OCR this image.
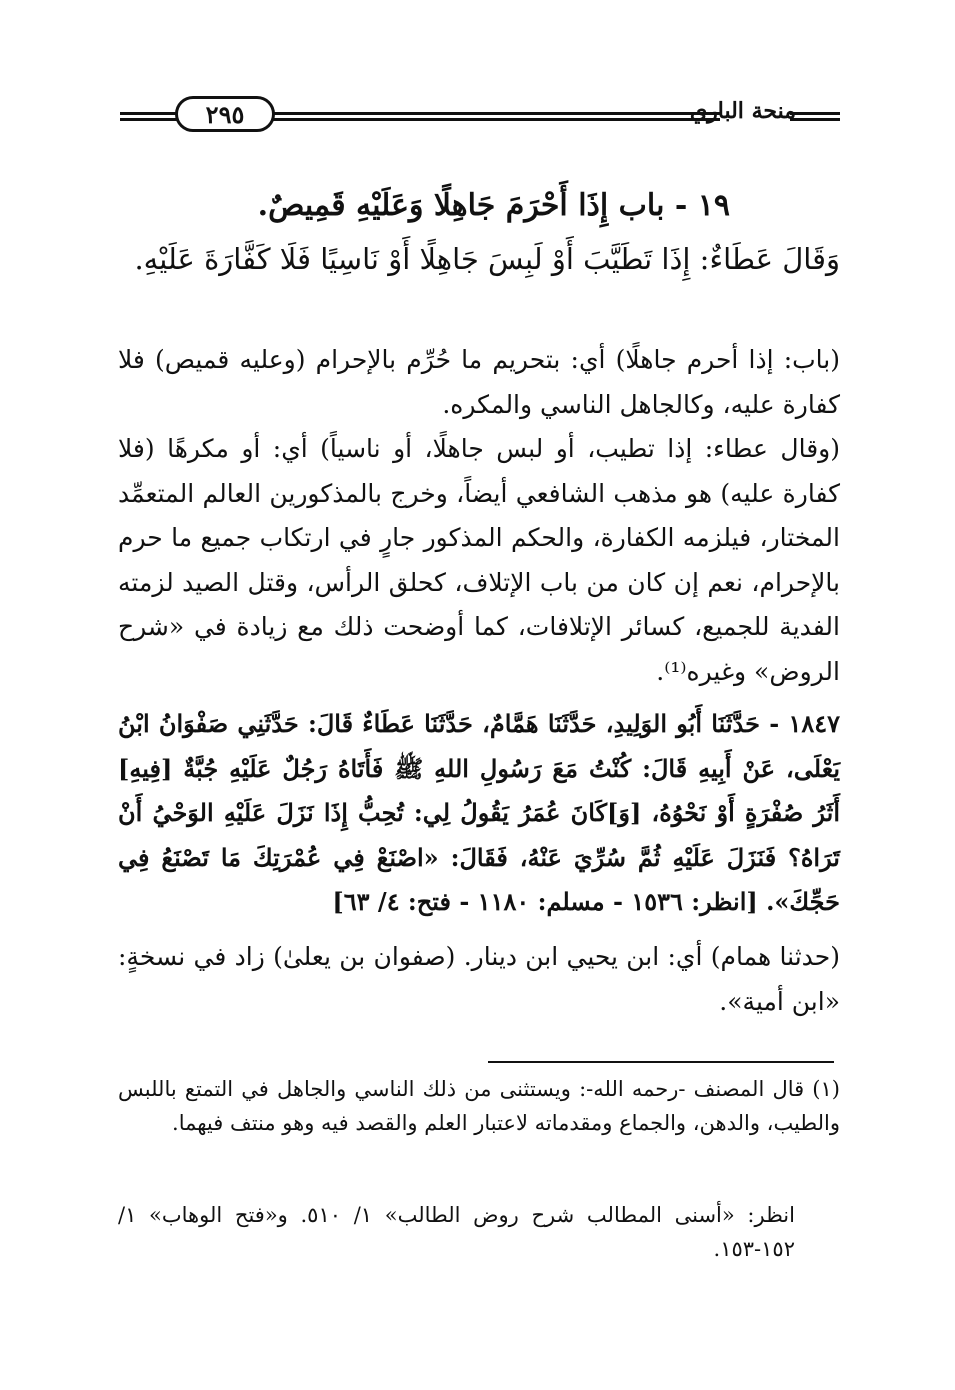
٢٩٥	منحة الباري
١٩ - باب إِذَا أَحْرَمَ جَاهِلًا وَعَلَيْهِ قَمِيصٌ.
وَقَالَ عَطَاءٌ: إِذَا تَطَيَّبَ أَوْ لَبِسَ جَاهِلًا أَوْ نَاسِيًا فَلَا كَفَّارَةَ عَلَيْهِ.
(باب: إذا أحرم جاهلًا) أي: بتحريم ما حُرِّم بالإحرام (وعليه قميص) فلا كفارة عليه، وكالجاهل الناسي والمكره.
(وقال عطاء: إذا تطيب، أو لبس جاهلًا، أو ناسياً) أي: أو مكرهًا (فلا كفارة عليه) هو مذهب الشافعي أيضاً، وخرج بالمذكورين العالم المتعمِّد المختار، فيلزمه الكفارة، والحكم المذكور جارٍ في ارتكاب جميع ما حرم بالإحرام، نعم إن كان من باب الإتلاف، كحلق الرأس، وقتل الصيد لزمته الفدية للجميع، كسائر الإتلافات، كما أوضحت ذلك مع زيادة في «شرح الروض» وغيره⁽¹⁾.
١٨٤٧ - حَدَّثَنَا أَبُو الوَلِيدِ، حَدَّثَنَا هَمَّامٌ، حَدَّثَنَا عَطَاءٌ قَالَ: حَدَّثَنِي صَفْوَانُ ابْنُ يَعْلَى، عَنْ أَبِيهِ قَالَ: كُنْتُ مَعَ رَسُولِ اللهِ ﷺ فَأَتَاهُ رَجُلٌ عَلَيْهِ جُبَّةٌ [فِيهِ] أَثَرُ صُفْرَةٍ أَوْ نَحْوُهُ، [وَ]كَانَ عُمَرُ يَقُولُ لِي: تُحِبُّ إِذَا نَزَلَ عَلَيْهِ الوَحْيُ أَنْ تَرَاهُ؟ فَنَزَلَ عَلَيْهِ ثُمَّ سُرِّيَ عَنْهُ، فَقَالَ: «اصْنَعْ فِي عُمْرَتِكَ مَا تَصْنَعُ فِي حَجِّكَ». [انظر: ١٥٣٦ - مسلم: ١١٨٠ - فتح: ٤/ ٦٣]
(حدثنا همام) أي: ابن يحيي ابن دينار. (صفوان بن يعلىٰ) زاد في نسخةٍ: «ابن أمية».
(١) قال المصنف -رحمه الله-: ويستثنى من ذلك الناسي والجاهل في التمتع باللبس والطيب، والدهن، والجماع ومقدماته لاعتبار العلم والقصد فيه وهو منتف فيهما.
انظر: «أسنى المطالب شرح روض الطالب» ١/ ٥١٠. و«فتح الوهاب» ١/ ١٥٢-١٥٣.
